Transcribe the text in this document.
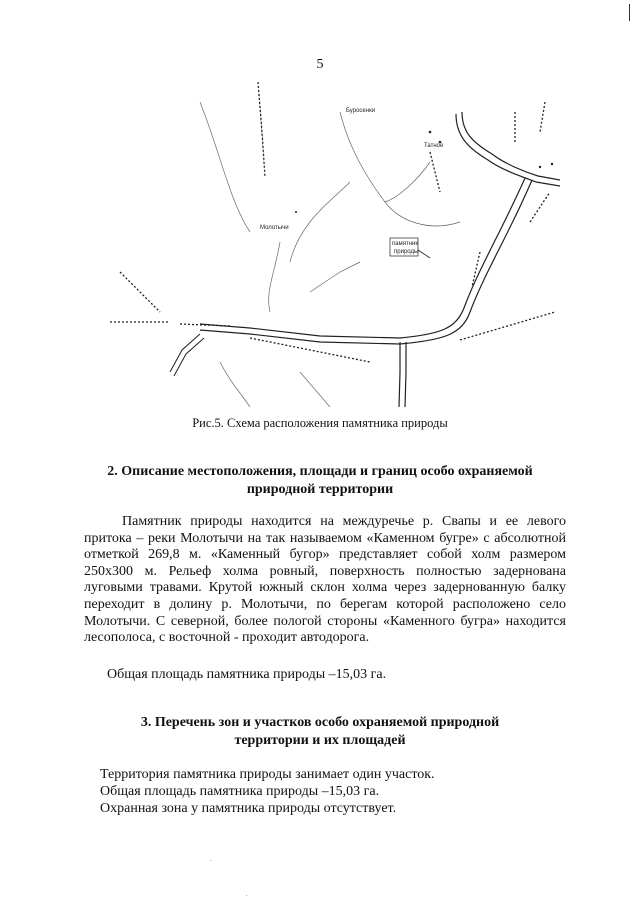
5
Буросенки
Татное
Молотычи
памятник
природы
Рис.5. Схема расположения памятника природы
2. Описание местоположения, площади и границ особо охраняемой
природной территории
Памятник природы находится на междуречье р. Свапы и ее левого притока – реки Молотычи на так называемом «Каменном бугре» с абсолютной отметкой 269,8 м. «Каменный бугор» представляет собой холм размером 250х300 м. Рельеф холма ровный, поверхность полностью задернована луговыми травами. Крутой южный склон холма через задернованную балку переходит в долину р. Молотычи, по берегам которой расположено село Молотычи. С северной, более пологой стороны «Каменного бугра» находится лесополоса, с восточной - проходит автодорога.
Общая площадь памятника природы –15,03 га.
3. Перечень зон и участков особо охраняемой природной
территории и их площадей
Территория памятника природы занимает один участок.
Общая площадь памятника природы –15,03 га.
Охранная зона у памятника природы отсутствует.
